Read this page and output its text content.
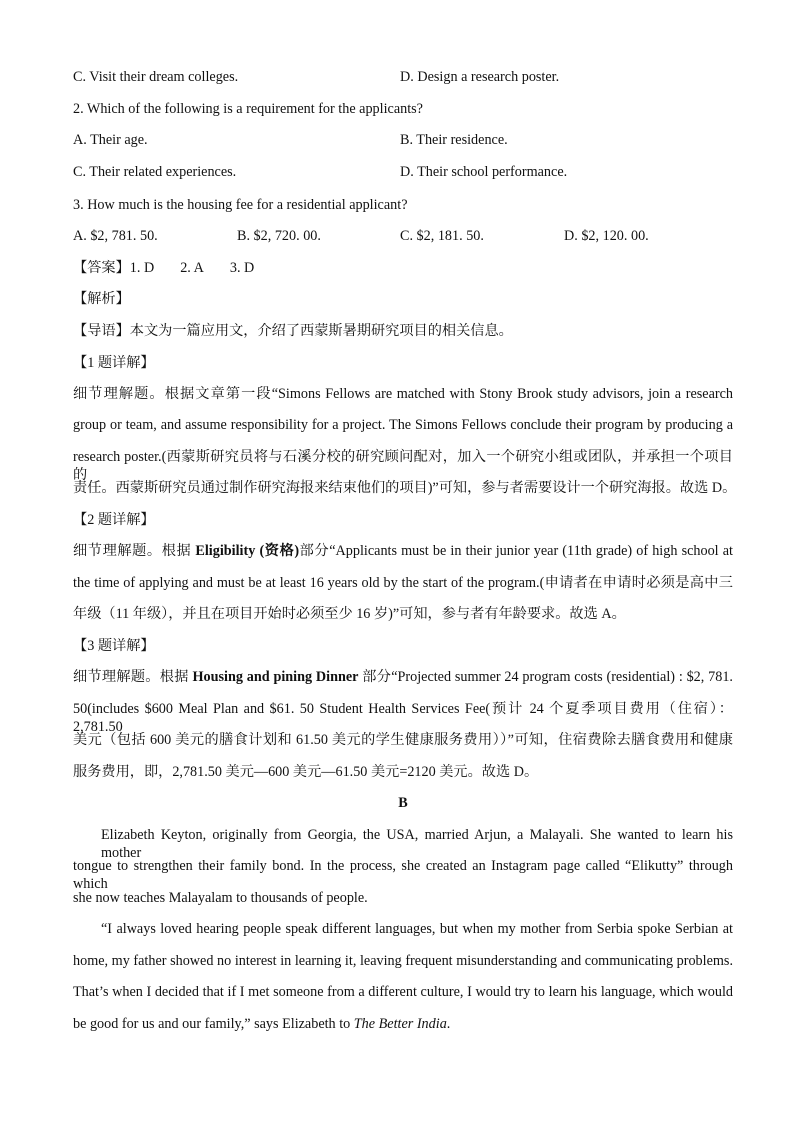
C. Visit their dream colleges.	D. Design a research poster.
2. Which of the following is a requirement for the applicants?
A. Their age.	B. Their residence.
C. Their related experiences.	D. Their school performance.
3. How much is the housing fee for a residential applicant?
A. $2, 781. 50.	B. $2, 720. 00.	C. $2, 181. 50.	D. $2, 120. 00.
【答案】1. D 2. A 3. D
【解析】
【导语】本文为一篇应用文，介绍了西蒙斯暑期研究项目的相关信息。
【1 题详解】
细节理解题。根据文章第一段“Simons Fellows are matched with Stony Brook study advisors, join a research
group or team, and assume responsibility for a project. The Simons Fellows conclude their program by producing a
research poster.(西蒙斯研究员将与石溪分校的研究顾问配对，加入一个研究小组或团队，并承担一个项目的
责任。西蒙斯研究员通过制作研究海报来结束他们的项目)”可知，参与者需要设计一个研究海报。故选 D。
【2 题详解】
细节理解题。根据 Eligibility (资格)部分“Applicants must be in their junior year (11th grade) of high school at
the time of applying and must be at least 16 years old by the start of the program.(申请者在申请时必须是高中三
年级（11 年级），并且在项目开始时必须至少 16 岁)”可知，参与者有年龄要求。故选 A。
【3 题详解】
细节理解题。根据 Housing and pining Dinner 部分“Projected summer 24 program costs (residential) : $2, 781.
50(includes $600 Meal Plan and $61. 50 Student Health Services Fee(预计 24 个夏季项目费用（住宿）：2,781.50
美元（包括 600 美元的膳食计划和 61.50 美元的学生健康服务费用））”可知，住宿费除去膳食费用和健康
服务费用，即，2,781.50 美元—600 美元—61.50 美元=2120 美元。故选 D。
B
Elizabeth Keyton, originally from Georgia, the USA, married Arjun, a Malayali. She wanted to learn his mother
tongue to strengthen their family bond. In the process, she created an Instagram page called “Elikutty” through which
she now teaches Malayalam to thousands of people.
“I always loved hearing people speak different languages, but when my mother from Serbia spoke Serbian at
home, my father showed no interest in learning it, leaving frequent misunderstanding and communicating problems.
That’s when I decided that if I met someone from a different culture, I would try to learn his language, which would
be good for us and our family,” says Elizabeth to The Better India.
